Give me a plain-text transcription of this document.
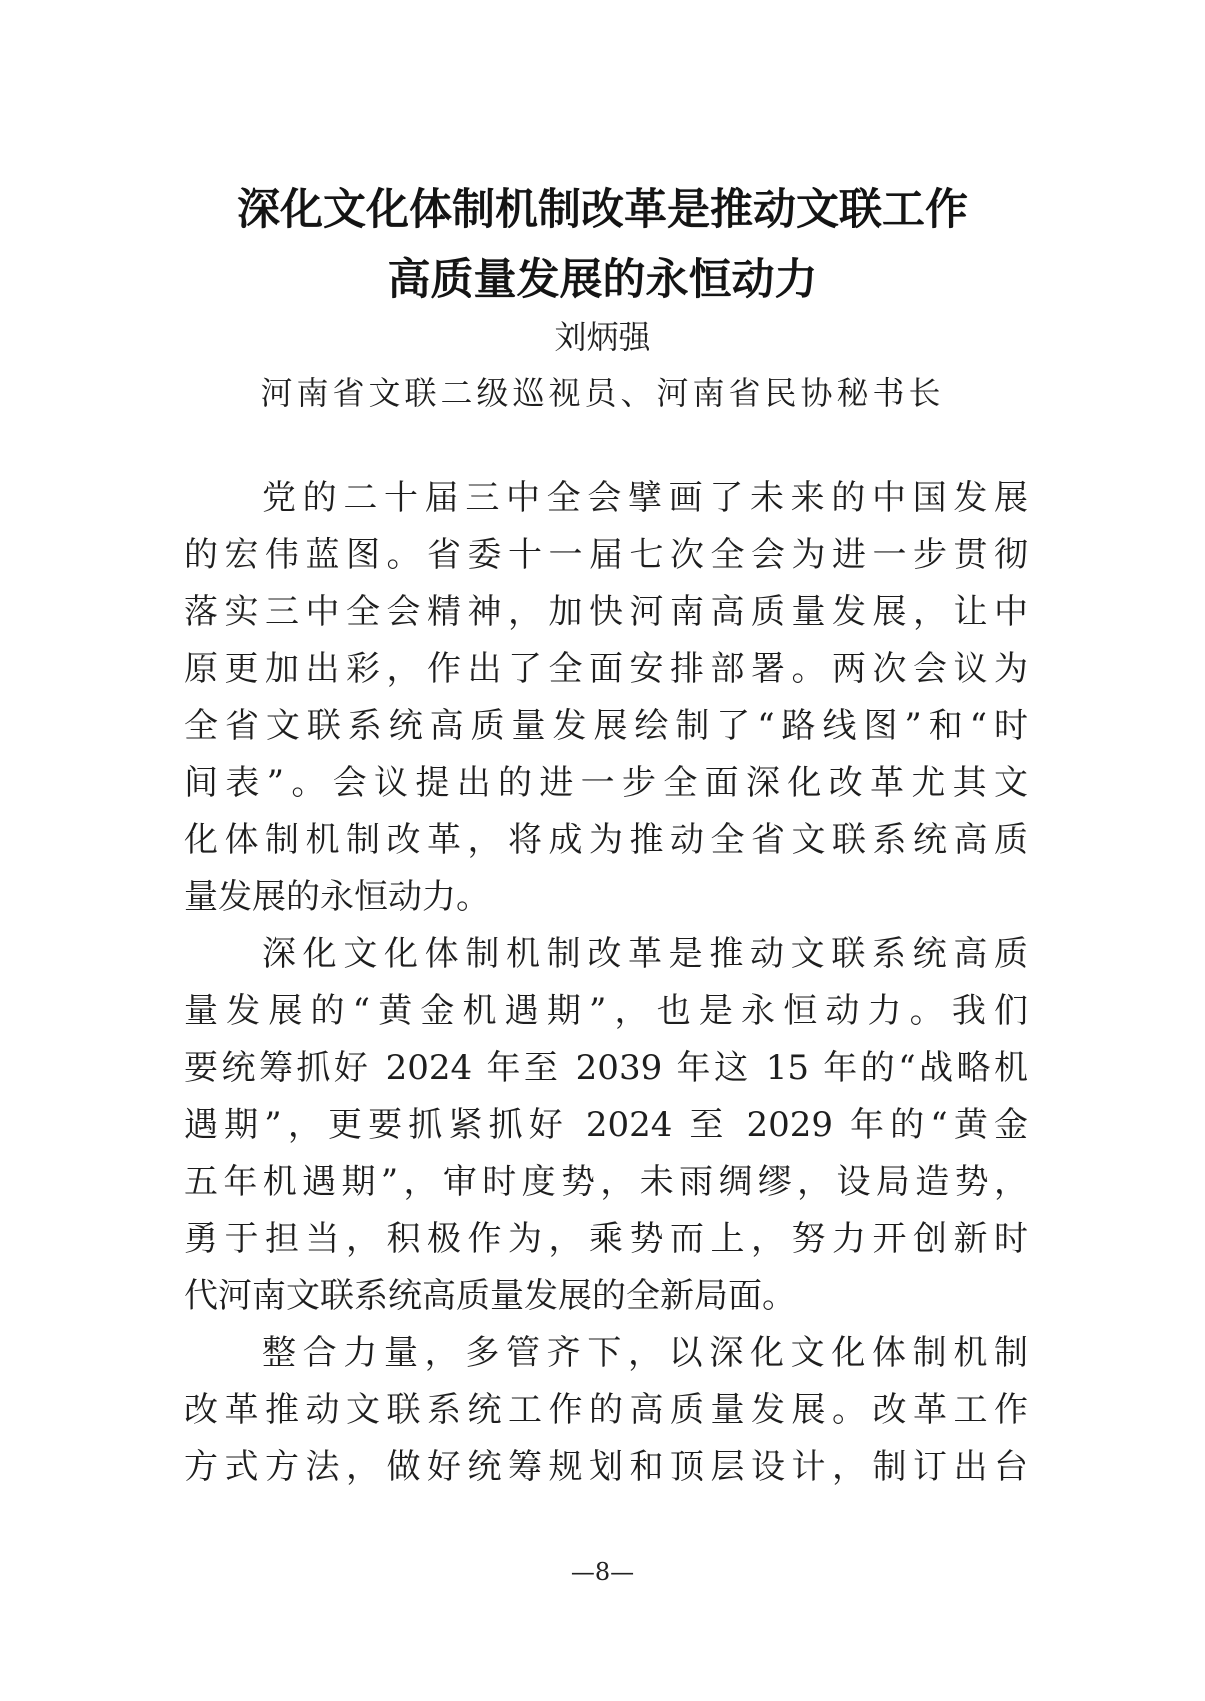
深化文化体制机制改革是推动文联工作
高质量发展的永恒动力
刘炳强
河南省文联二级巡视员、河南省民协秘书长
党的二十届三中全会擘画了未来的中国发展
的宏伟蓝图。省委十一届七次全会为进一步贯彻
落实三中全会精神，加快河南高质量发展，让中
原更加出彩，作出了全面安排部署。两次会议为
全省文联系统高质量发展绘制了“路线图”和“时
间表”。会议提出的进一步全面深化改革尤其文
化体制机制改革，将成为推动全省文联系统高质
量发展的永恒动力。
深化文化体制机制改革是推动文联系统高质
量发展的“黄金机遇期”，也是永恒动力。我们
要统筹抓好 2024 年至 2039 年这 15 年的“战略机
遇期”，更要抓紧抓好 2024 至 2029 年的“黄金
五年机遇期”，审时度势，未雨绸缪，设局造势，
勇于担当，积极作为，乘势而上，努力开创新时
代河南文联系统高质量发展的全新局面。
整合力量，多管齐下，以深化文化体制机制
改革推动文联系统工作的高质量发展。改革工作
方式方法，做好统筹规划和顶层设计，制订出台
—8—
